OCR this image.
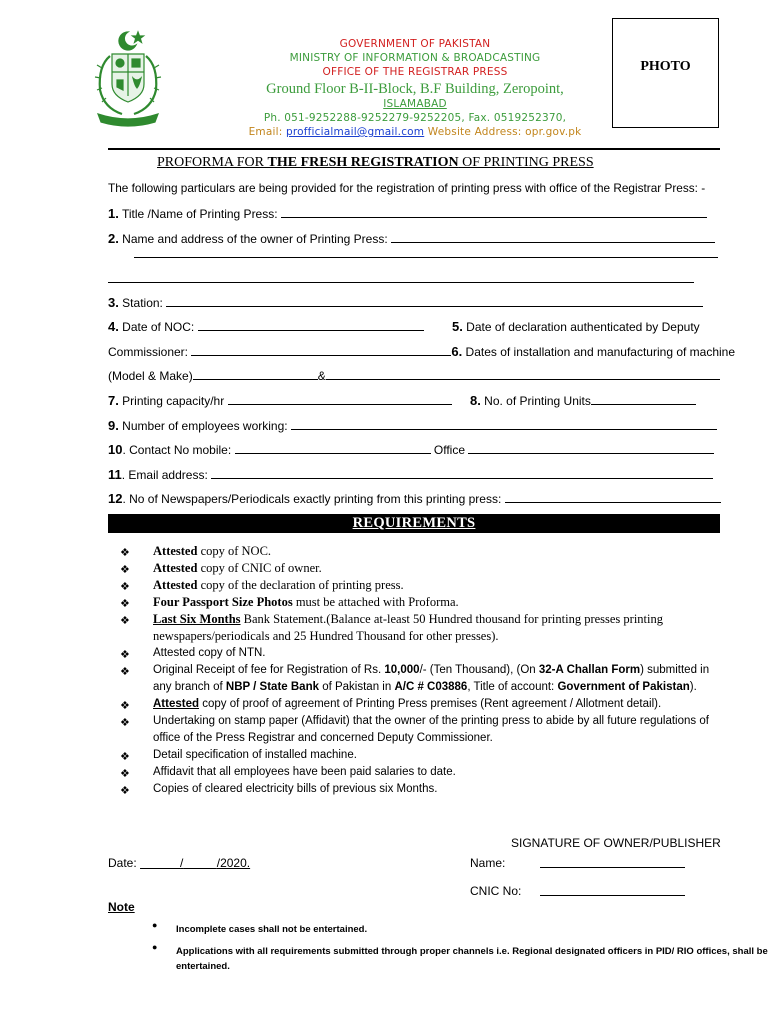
GOVERNMENT OF PAKISTAN
MINISTRY OF INFORMATION & BROADCASTING
OFFICE OF THE REGISTRAR PRESS
Ground Floor B-II-Block, B.F Building, Zeropoint,
ISLAMABAD
Ph. 051-9252288-9252279-9252205, Fax. 0519252370,
Email: profficialmail@gmail.com Website Address: opr.gov.pk
PHOTO
PROFORMA FOR THE FRESH REGISTRATION OF PRINTING PRESS
The following particulars are being provided for the registration of printing press with office of the Registrar Press: -
1. Title /Name of Printing Press:
2. Name and address of the owner of Printing Press:
3. Station:
4. Date of NOC:	5. Date of declaration authenticated by Deputy
Commissioner:	6. Dates of installation and manufacturing of machine
(Model & Make)	&
7. Printing capacity/hr	8. No. of Printing Units
9. Number of employees working:
10. Contact No mobile:	Office
11. Email address:
12. No of Newspapers/Periodicals exactly printing from this printing press:
REQUIREMENTS
❖ Attested copy of NOC.
❖ Attested copy of CNIC of owner.
❖ Attested copy of the declaration of printing press.
❖ Four Passport Size Photos must be attached with Proforma.
❖ Last Six Months Bank Statement.(Balance at-least 50 Hundred thousand for printing presses printing
newspapers/periodicals and 25 Hundred Thousand for other presses).
❖ Attested copy of NTN.
❖ Original Receipt of fee for Registration of Rs. 10,000/- (Ten Thousand), (On 32-A Challan Form) submitted in
any branch of NBP / State Bank of Pakistan in A/C # C03886, Title of account: Government of Pakistan).
❖ Attested copy of proof of agreement of Printing Press premises (Rent agreement / Allotment detail).
❖ Undertaking on stamp paper (Affidavit) that the owner of the printing press to abide by all future regulations of
office of the Press Registrar and concerned Deputy Commissioner.
❖ Detail specification of installed machine.
❖ Affidavit that all employees have been paid salaries to date.
❖ Copies of cleared electricity bills of previous six Months.
SIGNATURE OF OWNER/PUBLISHER
Date:	/	/2020.	Name:
CNIC No:
Note
● Incomplete cases shall not be entertained.
● Applications with all requirements submitted through proper channels i.e. Regional designated officers in PID/ RIO offices, shall be
entertained.
